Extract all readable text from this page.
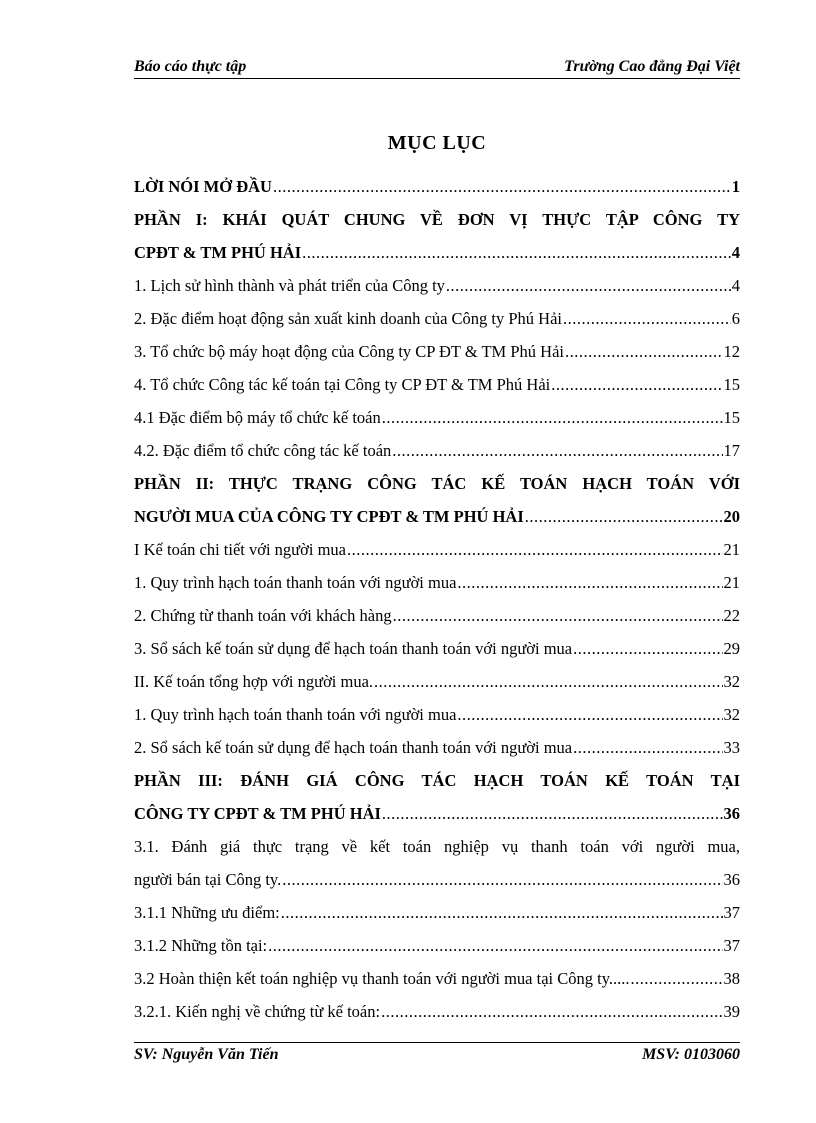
Báo cáo thực tập	Trường Cao đẳng Đại Việt
MỤC LỤC
LỜI NÓI MỞ ĐẦU .....	1
PHẦN I: KHÁI QUÁT CHUNG VỀ ĐƠN VỊ THỰC TẬP CÔNG TY
CPĐT & TM PHÚ HẢI .....	4
1. Lịch sử hình thành và phát triển của Công ty .....	4
2. Đặc điểm hoạt động sản xuất kinh doanh của Công ty Phú Hải .....	6
3. Tổ chức bộ máy hoạt động của Công ty CP ĐT & TM Phú Hải .....	12
4. Tổ chức Công tác kế toán tại Công ty CP ĐT & TM Phú Hải .....	15
4.1 Đặc điểm bộ máy tổ chức kế toán .....	15
4.2. Đặc điểm tổ chức công tác kế toán .....	17
PHẦN II: THỰC TRẠNG CÔNG TÁC KẾ TOÁN HẠCH TOÁN VỚI
NGƯỜI MUA CỦA CÔNG TY CPĐT & TM PHÚ HẢI .....	20
I Kế toán chi tiết với người mua .....	21
1. Quy trình hạch toán thanh toán với người mua .....	21
2. Chứng từ thanh toán với khách hàng .....	22
3. Sổ sách kế toán sử dụng để hạch toán thanh toán với người mua .....	29
II. Kế toán tổng hợp với người mua. .....	32
1. Quy trình hạch toán thanh toán với người mua .....	32
2. Sổ sách kế toán sử dụng để hạch toán thanh toán với người mua .....	33
PHẦN III: ĐÁNH GIÁ CÔNG TÁC HẠCH TOÁN KẾ TOÁN TẠI
CÔNG TY CPĐT & TM PHÚ HẢI .....	36
3.1. Đánh giá thực trạng về kết toán nghiệp vụ thanh toán với người mua,
người bán tại Công ty. .....	36
3.1.1 Những ưu điểm: .....	37
3.1.2 Những tồn tại: .....	37
3.2 Hoàn thiện kết toán nghiệp vụ thanh toán với người mua tại Công ty..... .....	38
3.2.1. Kiến nghị về chứng từ kế toán: .....	39
SV: Nguyễn Văn Tiến	MSV: 0103060
